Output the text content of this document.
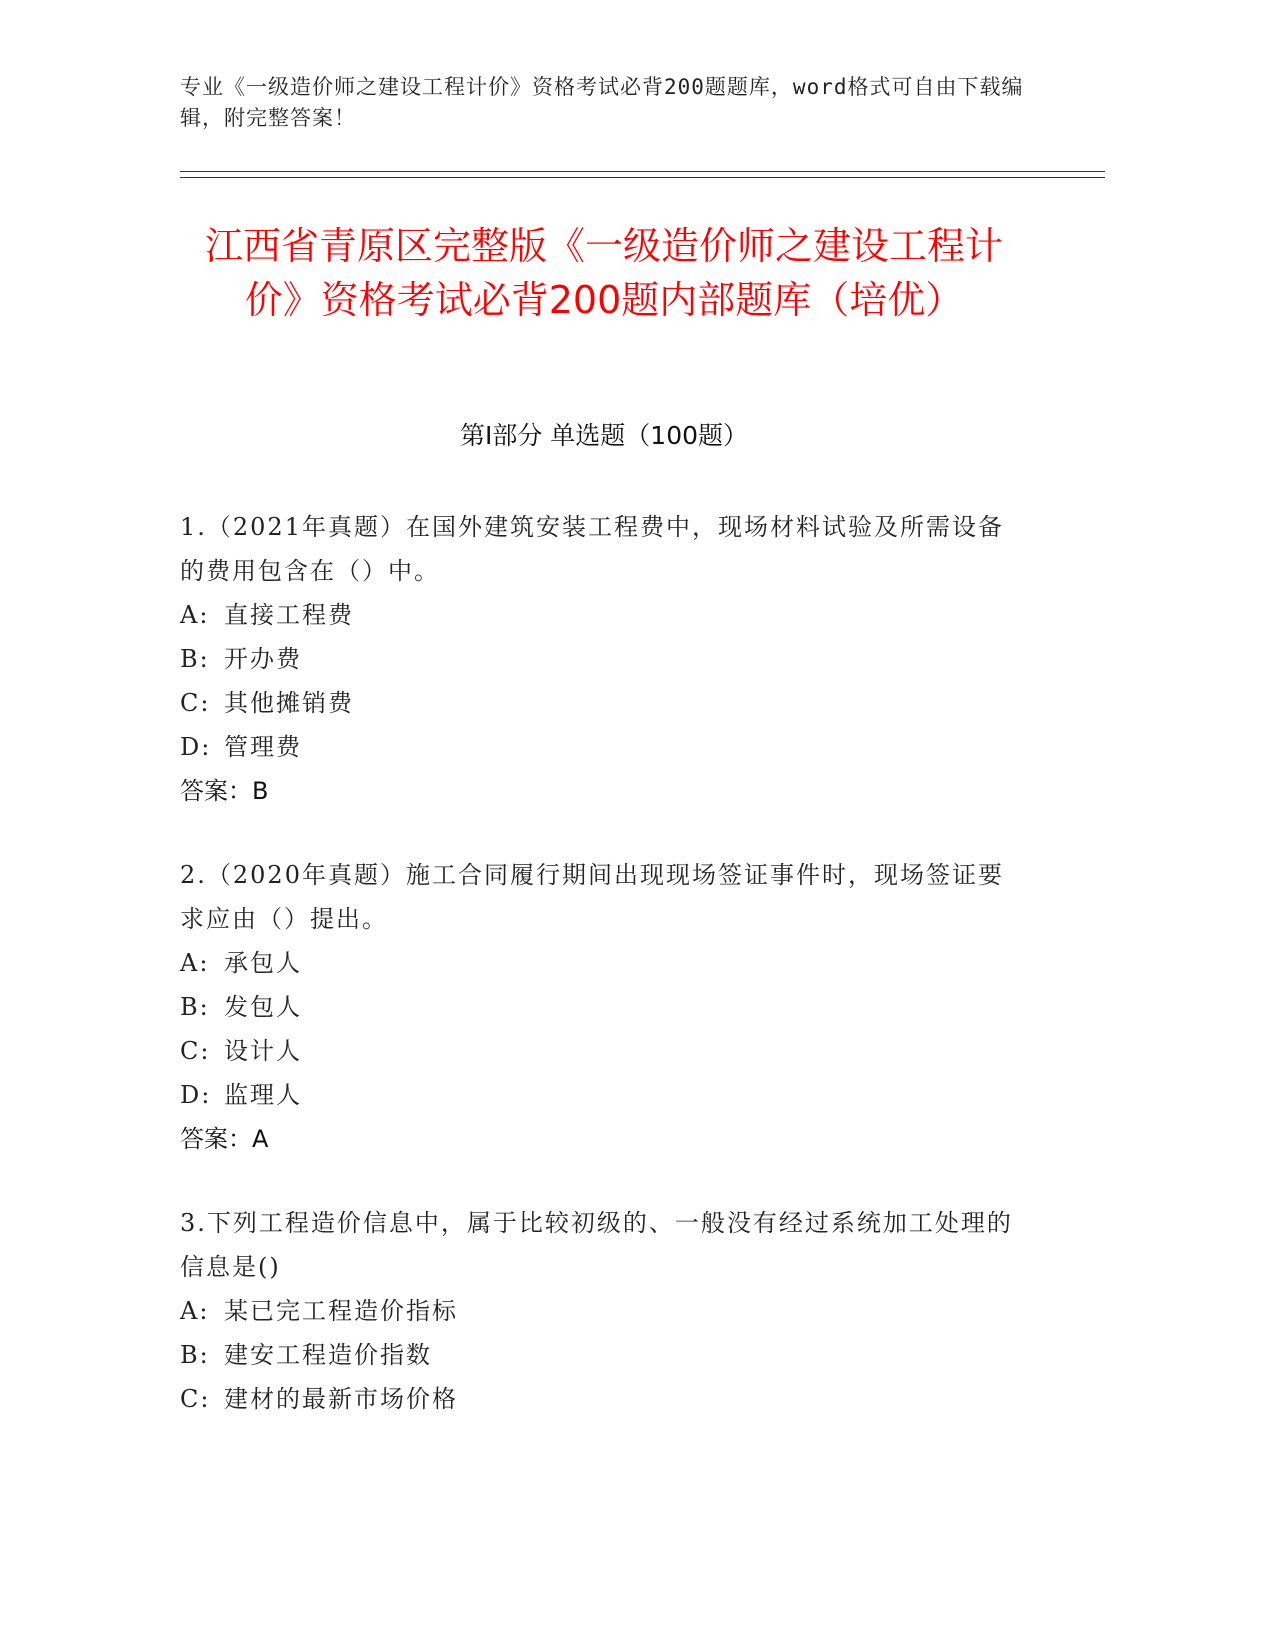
专业《一级造价师之建设工程计价》资格考试必背200题题库，word格式可自由下载编辑，附完整答案！
江西省青原区完整版《一级造价师之建设工程计价》资格考试必背200题内部题库（培优）
第Ⅰ部分 单选题（100题）
1.（2021年真题）在国外建筑安装工程费中，现场材料试验及所需设备的费用包含在（）中。
A: 直接工程费
B: 开办费
C: 其他摊销费
D: 管理费
答案：B
2.（2020年真题）施工合同履行期间出现现场签证事件时，现场签证要求应由（）提出。
A: 承包人
B: 发包人
C: 设计人
D: 监理人
答案：A
3.下列工程造价信息中，属于比较初级的、一般没有经过系统加工处理的信息是()
A: 某已完工程造价指标
B: 建安工程造价指数
C: 建材的最新市场价格
